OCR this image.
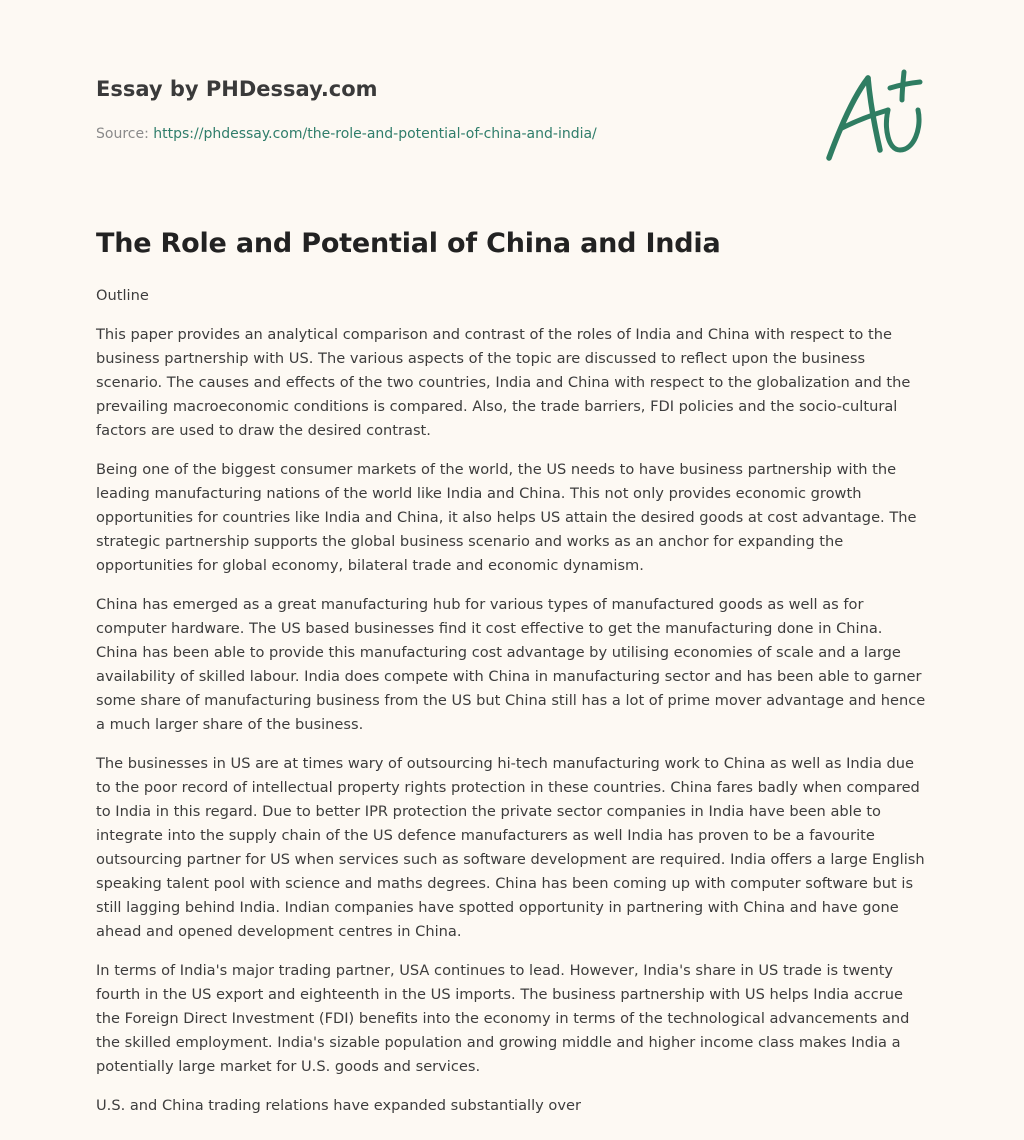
Essay by PHDessay.com
Source: https://phdessay.com/the-role-and-potential-of-china-and-india/
The Role and Potential of China and India

Outline

This paper provides an analytical comparison and contrast of the roles of India and China with respect to the business partnership with US. The various aspects of the topic are discussed to reflect upon the business scenario. The causes and effects of the two countries, India and China with respect to the globalization and the prevailing macroeconomic conditions is compared. Also, the trade barriers, FDI policies and the socio-cultural factors are used to draw the desired contrast.

Being one of the biggest consumer markets of the world, the US needs to have business partnership with the leading manufacturing nations of the world like India and China. This not only provides economic growth opportunities for countries like India and China, it also helps US attain the desired goods at cost advantage. The strategic partnership supports the global business scenario and works as an anchor for expanding the opportunities for global economy, bilateral trade and economic dynamism.

China has emerged as a great manufacturing hub for various types of manufactured goods as well as for computer hardware. The US based businesses find it cost effective to get the manufacturing done in China. China has been able to provide this manufacturing cost advantage by utilising economies of scale and a large availability of skilled labour. India does compete with China in manufacturing sector and has been able to garner some share of manufacturing business from the US but China still has a lot of prime mover advantage and hence a much larger share of the business.

The businesses in US are at times wary of outsourcing hi-tech manufacturing work to China as well as India due to the poor record of intellectual property rights protection in these countries. China fares badly when compared to India in this regard. Due to better IPR protection the private sector companies in India have been able to integrate into the supply chain of the US defence manufacturers as well India has proven to be a favourite outsourcing partner for US when services such as software development are required. India offers a large English speaking talent pool with science and maths degrees. China has been coming up with computer software but is still lagging behind India. Indian companies have spotted opportunity in partnering with China and have gone ahead and opened development centres in China.

In terms of India's major trading partner, USA continues to lead. However, India's share in US trade is twenty fourth in the US export and eighteenth in the US imports. The business partnership with US helps India accrue the Foreign Direct Investment (FDI) benefits into the economy in terms of the technological advancements and the skilled employment. India's sizable population and growing middle and higher income class makes India a potentially large market for U.S. goods and services.

U.S. and China trading relations have expanded substantially over
